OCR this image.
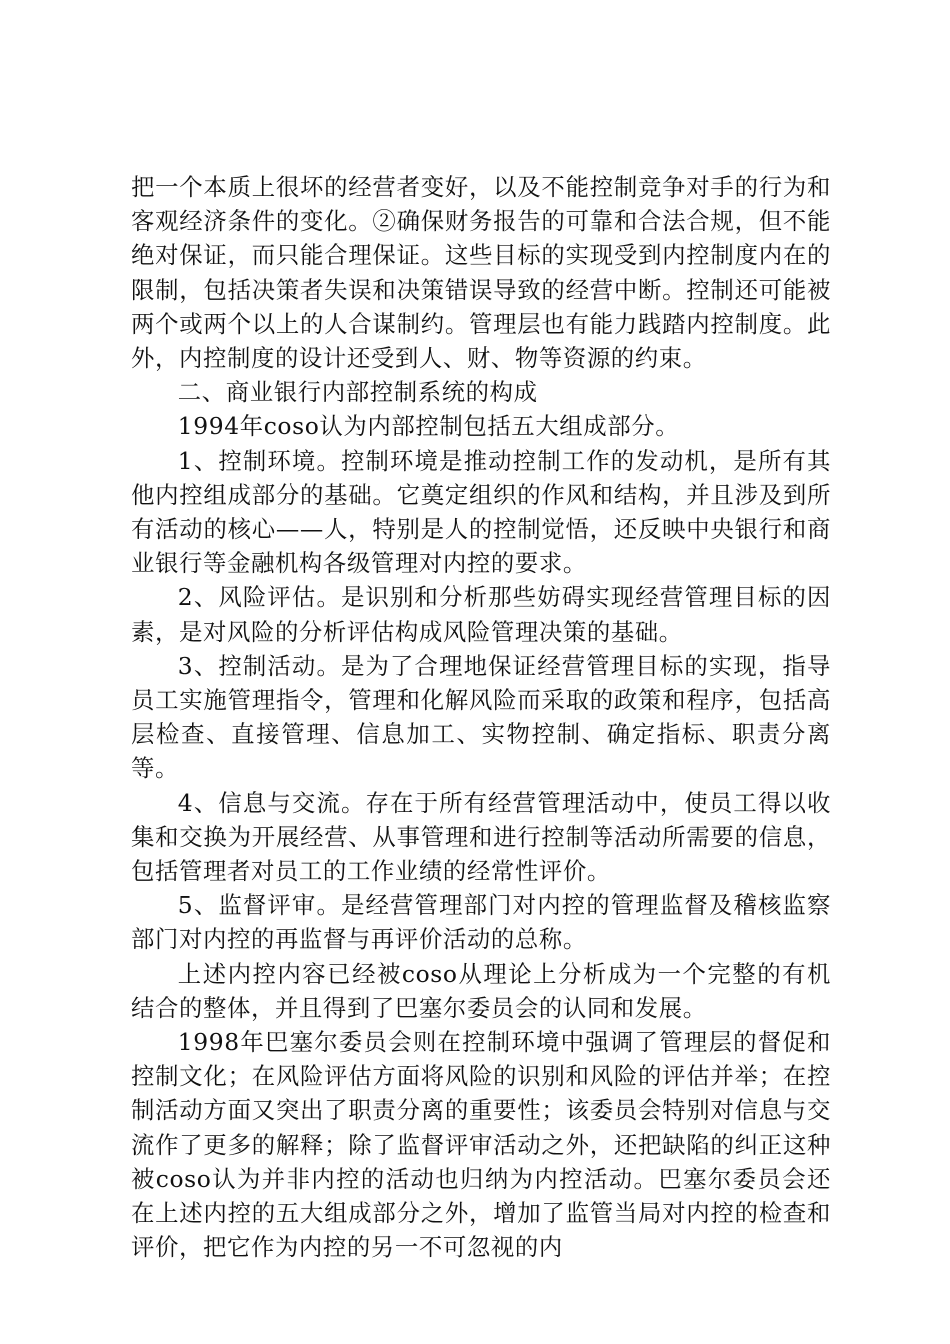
把一个本质上很坏的经营者变好，以及不能控制竞争对手的行为和客观经济条件的变化。②确保财务报告的可靠和合法合规，但不能绝对保证，而只能合理保证。这些目标的实现受到内控制度内在的限制，包括决策者失误和决策错误导致的经营中断。控制还可能被两个或两个以上的人合谋制约。管理层也有能力践踏内控制度。此外，内控制度的设计还受到人、财、物等资源的约束。

二、商业银行内部控制系统的构成

1994年coso认为内部控制包括五大组成部分。

1、控制环境。控制环境是推动控制工作的发动机，是所有其他内控组成部分的基础。它奠定组织的作风和结构，并且涉及到所有活动的核心——人，特别是人的控制觉悟，还反映中央银行和商业银行等金融机构各级管理对内控的要求。

2、风险评估。是识别和分析那些妨碍实现经营管理目标的因素，是对风险的分析评估构成风险管理决策的基础。

3、控制活动。是为了合理地保证经营管理目标的实现，指导员工实施管理指令，管理和化解风险而采取的政策和程序，包括高层检查、直接管理、信息加工、实物控制、确定指标、职责分离等。

4、信息与交流。存在于所有经营管理活动中，使员工得以收集和交换为开展经营、从事管理和进行控制等活动所需要的信息，包括管理者对员工的工作业绩的经常性评价。

5、监督评审。是经营管理部门对内控的管理监督及稽核监察部门对内控的再监督与再评价活动的总称。

上述内控内容已经被coso从理论上分析成为一个完整的有机结合的整体，并且得到了巴塞尔委员会的认同和发展。

1998年巴塞尔委员会则在控制环境中强调了管理层的督促和控制文化；在风险评估方面将风险的识别和风险的评估并举；在控制活动方面又突出了职责分离的重要性；该委员会特别对信息与交流作了更多的解释；除了监督评审活动之外，还把缺陷的纠正这种被coso认为并非内控的活动也归纳为内控活动。巴塞尔委员会还在上述内控的五大组成部分之外，增加了监管当局对内控的检查和评价，把它作为内控的另一不可忽视的内
